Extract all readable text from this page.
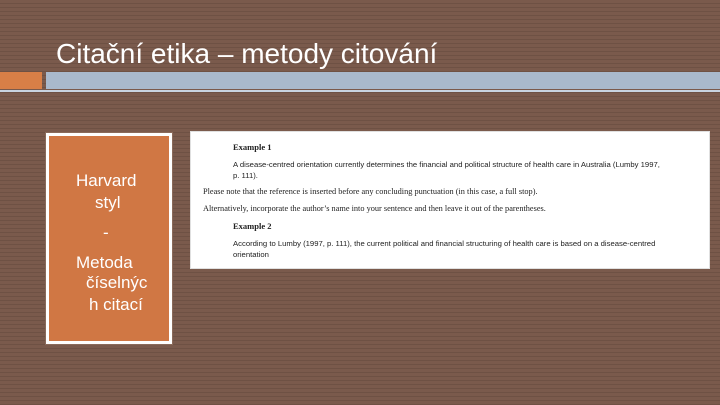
Citační etika – metody citování
Harvard
styl
-
Metoda
číselnýc
h citací
Example 1
A disease-centred orientation currently determines the financial and political structure of health care in Australia (Lumby 1997,
p. 111).
Please note that the reference is inserted before any concluding punctuation (in this case, a full stop).
Alternatively, incorporate the author’s name into your sentence and then leave it out of the parentheses.
Example 2
According to Lumby (1997, p. 111), the current political and financial structuring of health care is based on a disease-centred
orientation
